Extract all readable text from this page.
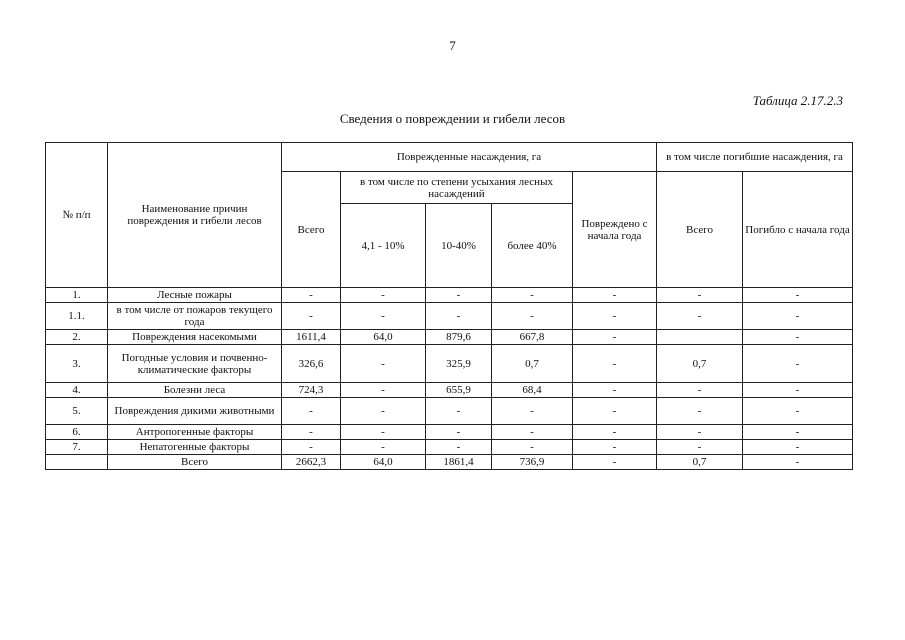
7
Таблица 2.17.2.3
Сведения о повреждении и гибели лесов
№ п/п	Наименование причин повреждения и гибели лесов	Поврежденные насаждения, га					в том числе погибшие насаждения, га	
		Всего	в том числе по степени усыхания лесных насаждений			Повреждено с начала года	Всего	Погибло с начала года
			4,1 - 10%	10-40%	более 40%			
1.	Лесные пожары	-	-	-	-	-	-	-
1.1.	в том числе от пожаров текущего года	-	-	-	-	-	-	-
2.	Повреждения насекомыми	1611,4	64,0	879,6	667,8	-		-
3.	Погодные условия и почвенно-климатические факторы	326,6	-	325,9	0,7	-	0,7	-
4.	Болезни леса	724,3	-	655,9	68,4	-	-	-
5.	Повреждения дикими животными	-	-	-	-	-	-	-
6.	Антропогенные факторы	-	-	-	-	-	-	-
7.	Непатогенные факторы	-	-	-	-	-	-	-
	Всего	2662,3	64,0	1861,4	736,9	-	0,7	-
